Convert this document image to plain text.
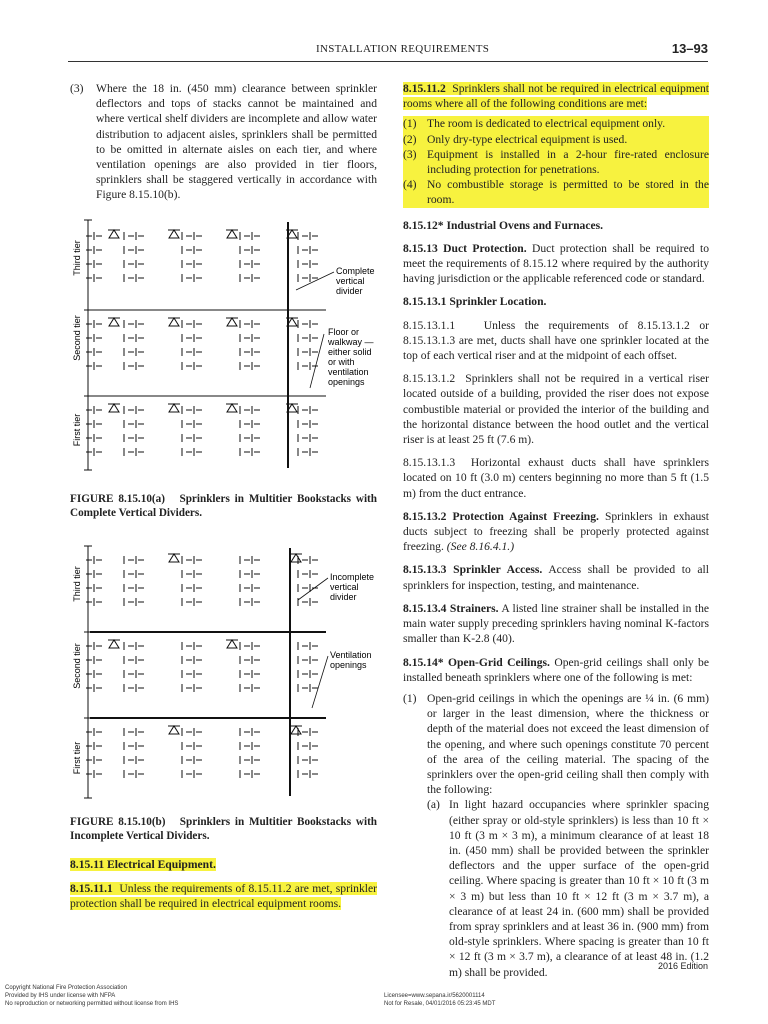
INSTALLATION REQUIREMENTS	13–93
(3) Where the 18 in. (450 mm) clearance between sprinkler deflectors and tops of stacks cannot be maintained and where vertical shelf dividers are incomplete and allow water distribution to adjacent aisles, sprinklers shall be permitted to be omitted in alternate aisles on each tier, and where ventilation openings are also provided in tier floors, sprinklers shall be staggered vertically in accordance with Figure 8.15.10(b).

Third tier
Second tier
First tier
Complete
vertical
divider
Floor or
walkway —
either solid
or with
ventilation
openings
FIGURE 8.15.10(a) Sprinklers in Multitier Bookstacks with Complete Vertical Dividers.
Third tier
Second tier
First tier
Incomplete
vertical
divider
Ventilation
openings
FIGURE 8.15.10(b) Sprinklers in Multitier Bookstacks with Incomplete Vertical Dividers.

8.15.11 Electrical Equipment.

8.15.11.1 Unless the requirements of 8.15.11.2 are met, sprinkler protection shall be required in electrical equipment rooms.

8.15.11.2 Sprinklers shall not be required in electrical equipment rooms where all of the following conditions are met:

(1) The room is dedicated to electrical equipment only.
(2) Only dry-type electrical equipment is used.
(3) Equipment is installed in a 2-hour fire-rated enclosure including protection for penetrations.
(4) No combustible storage is permitted to be stored in the room.

8.15.12* Industrial Ovens and Furnaces.

8.15.13 Duct Protection. Duct protection shall be required to meet the requirements of 8.15.12 where required by the authority having jurisdiction or the applicable referenced code or standard.

8.15.13.1 Sprinkler Location.

8.15.13.1.1 Unless the requirements of 8.15.13.1.2 or 8.15.13.1.3 are met, ducts shall have one sprinkler located at the top of each vertical riser and at the midpoint of each offset.

8.15.13.1.2 Sprinklers shall not be required in a vertical riser located outside of a building, provided the riser does not expose combustible material or provided the interior of the building and the horizontal distance between the hood outlet and the vertical riser is at least 25 ft (7.6 m).

8.15.13.1.3 Horizontal exhaust ducts shall have sprinklers located on 10 ft (3.0 m) centers beginning no more than 5 ft (1.5 m) from the duct entrance.

8.15.13.2 Protection Against Freezing. Sprinklers in exhaust ducts subject to freezing shall be properly protected against freezing. (See 8.16.4.1.)

8.15.13.3 Sprinkler Access. Access shall be provided to all sprinklers for inspection, testing, and maintenance.

8.15.13.4 Strainers. A listed line strainer shall be installed in the main water supply preceding sprinklers having nominal K-factors smaller than K-2.8 (40).

8.15.14* Open-Grid Ceilings. Open-grid ceilings shall only be installed beneath sprinklers where one of the following is met:

(1) Open-grid ceilings in which the openings are ¼ in. (6 mm) or larger in the least dimension, where the thickness or depth of the material does not exceed the least dimension of the opening, and where such openings constitute 70 percent of the area of the ceiling material. The spacing of the sprinklers over the open-grid ceiling shall then comply with the following:

(a) In light hazard occupancies where sprinkler spacing (either spray or old-style sprinklers) is less than 10 ft × 10 ft (3 m × 3 m), a minimum clearance of at least 18 in. (450 mm) shall be provided between the sprinkler deflectors and the upper surface of the open-grid ceiling. Where spacing is greater than 10 ft × 10 ft (3 m × 3 m) but less than 10 ft × 12 ft (3 m × 3.7 m), a clearance of at least 24 in. (600 mm) shall be provided from spray sprinklers and at least 36 in. (900 mm) from old-style sprinklers. Where spacing is greater than 10 ft × 12 ft (3 m × 3.7 m), a clearance of at least 48 in. (1.2 m) shall be provided.	2016 Edition
Copyright National Fire Protection Association
Provided by IHS under license with NFPA
No reproduction or networking permitted without license from IHS
Licensee=www.sepana.ir/5620001114
Not for Resale, 04/01/2016 05:23:45 MDT
